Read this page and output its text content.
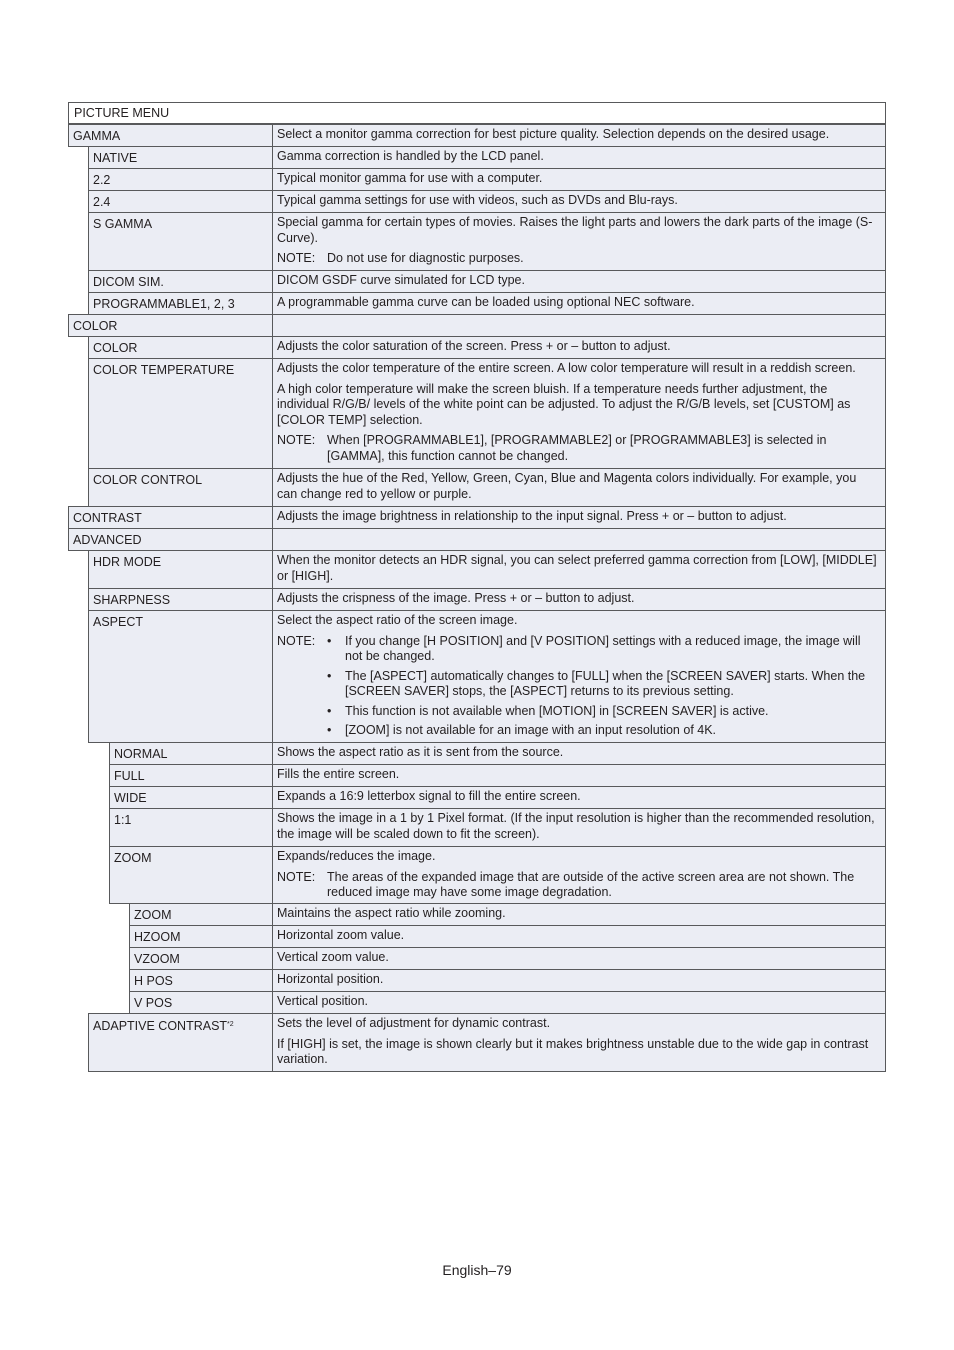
PICTURE MENU
GAMMA	Select a monitor gamma correction for best picture quality. Selection depends on the desired usage.

NATIVE	Gamma correction is handled by the LCD panel.

2.2	Typical monitor gamma for use with a computer.

2.4	Typical gamma settings for use with videos, such as DVDs and Blu-rays.

S GAMMA	Special gamma for certain types of movies. Raises the light parts and lowers the dark parts of the image (S-Curve).

NOTE: Do not use for diagnostic purposes.
DICOM SIM.	DICOM GSDF curve simulated for LCD type.

PROGRAMMABLE1, 2, 3	A programmable gamma curve can be loaded using optional NEC software.

COLOR
COLOR	Adjusts the color saturation of the screen. Press + or – button to adjust.

COLOR TEMPERATURE	Adjusts the color temperature of the entire screen. A low color temperature will result in a reddish screen.

A high color temperature will make the screen bluish. If a temperature needs further adjustment, the individual R/G/B/ levels of the white point can be adjusted. To adjust the R/G/B levels, set [CUSTOM] as [COLOR TEMP] selection.

NOTE: When [PROGRAMMABLE1], [PROGRAMMABLE2] or [PROGRAMMABLE3] is selected in [GAMMA], this function cannot be changed.
COLOR CONTROL	Adjusts the hue of the Red, Yellow, Green, Cyan, Blue and Magenta colors individually. For example, you can change red to yellow or purple.

CONTRAST	Adjusts the image brightness in relationship to the input signal. Press + or – button to adjust.

ADVANCED
HDR MODE	When the monitor detects an HDR signal, you can select preferred gamma correction from [LOW], [MIDDLE] or [HIGH].

SHARPNESS	Adjusts the crispness of the image. Press + or – button to adjust.

ASPECT	Select the aspect ratio of the screen image.

NOTE: •	If you change [H POSITION] and [V POSITION] settings with a reduced image, the image will not be changed.
•	The [ASPECT] automatically changes to [FULL] when the [SCREEN SAVER] starts. When the [SCREEN SAVER] stops, the [ASPECT] returns to its previous setting.
•	This function is not available when [MOTION] in [SCREEN SAVER] is active.
•	[ZOOM] is not available for an image with an input resolution of 4K.
NORMAL	Shows the aspect ratio as it is sent from the source.

FULL	Fills the entire screen.

WIDE	Expands a 16:9 letterbox signal to fill the entire screen.

1:1	Shows the image in a 1 by 1 Pixel format. (If the input resolution is higher than the recommended resolution, the image will be scaled down to fit the screen).

ZOOM	Expands/reduces the image.

NOTE: The areas of the expanded image that are outside of the active screen area are not shown. The reduced image may have some image degradation.
ZOOM	Maintains the aspect ratio while zooming.

HZOOM	Horizontal zoom value.

VZOOM	Vertical zoom value.

H POS	Horizontal position.

V POS	Vertical position.

ADAPTIVE CONTRAST$^{*2}$	Sets the level of adjustment for dynamic contrast.

If [HIGH] is set, the image is shown clearly but it makes brightness unstable due to the wide gap in contrast variation.

English–79
